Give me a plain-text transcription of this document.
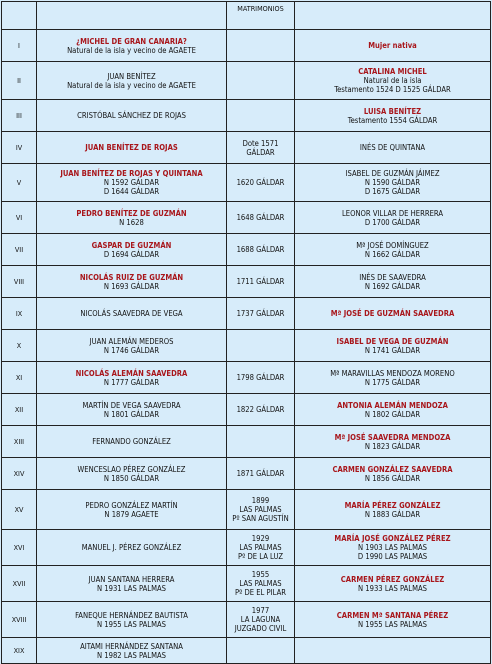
		MATRIMONIOS	
I	¿MICHEL DE GRAN CANARIA?
Natural de la isla y vecino de AGAETE		Mujer nativa

II	JUAN BENÍTEZ
Natural de la isla y vecino de AGAETE		CATALINA MICHEL
Natural de la isla
Testamento 1524 D 1525 GÁLDAR

III	CRISTÓBAL SÁNCHEZ DE ROJAS		LUISA BENÍTEZ
Testamento 1554 GÁLDAR

IV	JUAN BENÍTEZ DE ROJAS	Dote 1571
GÁLDAR	INÉS DE QUINTANA

V	JUAN BENÍTEZ DE ROJAS Y QUINTANA
N 1592 GÁLDAR
D 1644 GÁLDAR	1620 GÁLDAR	ISABEL DE GUZMÁN JÁIMEZ
N 1590 GÁLDAR
D 1675 GÁLDAR

VI	PEDRO BENÍTEZ DE GUZMÁN
N 1628	1648 GÁLDAR	LEONOR VILLAR DE HERRERA
D 1700 GÁLDAR

VII	GASPAR DE GUZMÁN
D 1694 GÁLDAR	1688 GÁLDAR	Mª JOSÉ DOMÍNGUEZ
N 1662 GÁLDAR

VIII	NICOLÁS RUIZ DE GUZMÁN
N 1693 GÁLDAR	1711 GÁLDAR	INÉS DE SAAVEDRA
N 1692 GÁLDAR

IX	NICOLÁS SAAVEDRA DE VEGA	1737 GÁLDAR	Mª JOSÉ DE GUZMÁN SAAVEDRA

X	JUAN ALEMÁN MEDEROS
N 1746 GÁLDAR		ISABEL DE VEGA DE GUZMÁN
N 1741 GÁLDAR

XI	NICOLÁS ALEMÁN SAAVEDRA
N 1777 GÁLDAR	1798 GÁLDAR	Mª MARAVILLAS MENDOZA MORENO
N 1775 GÁLDAR

XII	MARTÍN DE VEGA SAAVEDRA
N 1801 GÁLDAR	1822 GÁLDAR	ANTONIA ALEMÁN MENDOZA
N 1802 GÁLDAR

XIII	FERNANDO GONZÁLEZ		Mª JOSÉ SAAVEDRA MENDOZA
N 1823 GÁLDAR

XIV	WENCESLAO PÉREZ GONZÁLEZ
N 1850 GÁLDAR	1871 GÁLDAR	CARMEN GONZÁLEZ SAAVEDRA
N 1856 GÁLDAR

XV	PEDRO GONZÁLEZ MARTÍN
N 1879 AGAETE	1899
LAS PALMAS
Pº SAN AGUSTÍN	MARÍA PÉREZ GONZÁLEZ
N 1883 GÁLDAR

XVI	MANUEL J. PÉREZ GONZÁLEZ	1929
LAS PALMAS
Pº DE LA LUZ	MARÍA JOSÉ GONZÁLEZ PÉREZ
N 1903 LAS PALMAS
D 1990 LAS PALMAS

XVII	JUAN SANTANA HERRERA
N 1931 LAS PALMAS	1955
LAS PALMAS
Pº DE EL PILAR	CARMEN PÉREZ GONZÁLEZ
N 1933 LAS PALMAS

XVIII	FANEQUE HERNÁNDEZ BAUTISTA
N 1955 LAS PALMAS	1977
LA LAGUNA
JUZGADO CIVIL	CARMEN Mª SANTANA PÉREZ
N 1955 LAS PALMAS

XIX	AITAMI HERNÁNDEZ SANTANA
N 1982 LAS PALMAS		
